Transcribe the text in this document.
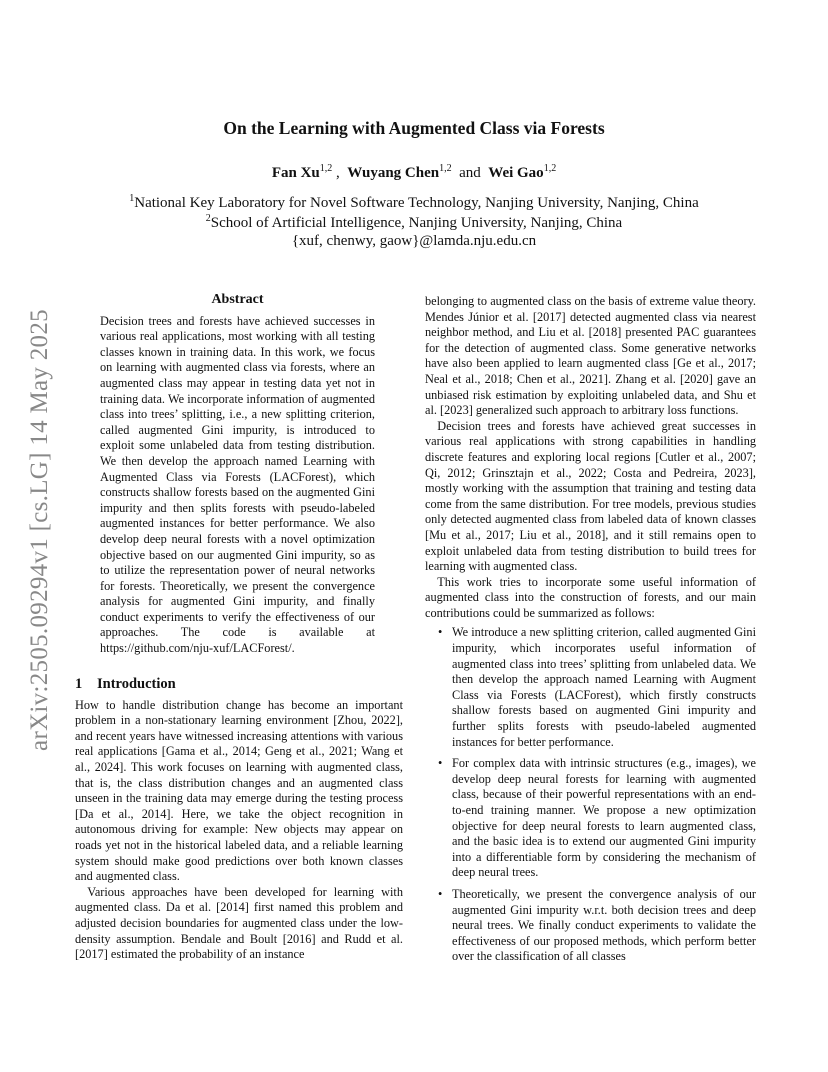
arXiv:2505.09294v1 [cs.LG] 14 May 2025
On the Learning with Augmented Class via Forests
Fan Xu$^{1,2}$ ,  Wuyang Chen$^{1,2}$ and Wei Gao$^{1,2}$
$^1$National Key Laboratory for Novel Software Technology, Nanjing University, Nanjing, China
$^2$School of Artificial Intelligence, Nanjing University, Nanjing, China
{xuf, chenwy, gaow}@lamda.nju.edu.cn
Abstract

Decision trees and forests have achieved successes in various real applications, most working with all testing classes known in training data. In this work, we focus on learning with augmented class via forests, where an augmented class may appear in testing data yet not in training data. We incorporate information of augmented class into trees’ splitting, i.e., a new splitting criterion, called augmented Gini impurity, is introduced to exploit some unlabeled data from testing distribution. We then develop the approach named Learning with Augmented Class via Forests (LACForest), which constructs shallow forests based on the augmented Gini impurity and then splits forests with pseudo-labeled augmented instances for better performance. We also develop deep neural forests with a novel optimization objective based on our augmented Gini impurity, so as to utilize the representation power of neural networks for forests. Theoretically, we present the convergence analysis for augmented Gini impurity, and finally conduct experiments to verify the effectiveness of our approaches. The code is available at https://github.com/nju-xuf/LACForest/.

1 Introduction

How to handle distribution change has become an important problem in a non-stationary learning environment [Zhou, 2022], and recent years have witnessed increasing attentions with various real applications [Gama et al., 2014; Geng et al., 2021; Wang et al., 2024]. This work focuses on learning with augmented class, that is, the class distribution changes and an augmented class unseen in the training data may emerge during the testing process [Da et al., 2014]. Here, we take the object recognition in autonomous driving for example: New objects may appear on roads yet not in the historical labeled data, and a reliable learning system should make good predictions over both known classes and augmented class.

Various approaches have been developed for learning with augmented class. Da et al. [2014] first named this problem and adjusted decision boundaries for augmented class under the low-density assumption. Bendale and Boult [2016] and Rudd et al. [2017] estimated the probability of an instance

belonging to augmented class on the basis of extreme value theory. Mendes Júnior et al. [2017] detected augmented class via nearest neighbor method, and Liu et al. [2018] presented PAC guarantees for the detection of augmented class. Some generative networks have also been applied to learn augmented class [Ge et al., 2017; Neal et al., 2018; Chen et al., 2021]. Zhang et al. [2020] gave an unbiased risk estimation by exploiting unlabeled data, and Shu et al. [2023] generalized such approach to arbitrary loss functions.

Decision trees and forests have achieved great successes in various real applications with strong capabilities in handling discrete features and exploring local regions [Cutler et al., 2007; Qi, 2012; Grinsztajn et al., 2022; Costa and Pedreira, 2023], mostly working with the assumption that training and testing data come from the same distribution. For tree models, previous studies only detected augmented class from labeled data of known classes [Mu et al., 2017; Liu et al., 2018], and it still remains open to exploit unlabeled data from testing distribution to build trees for learning with augmented class.

This work tries to incorporate some useful information of augmented class into the construction of forests, and our main contributions could be summarized as follows:

• We introduce a new splitting criterion, called augmented Gini impurity, which incorporates useful information of augmented class into trees’ splitting from unlabeled data. We then develop the approach named Learning with Augment Class via Forests (LACForest), which firstly constructs shallow forests based on augmented Gini impurity and further splits forests with pseudo-labeled augmented instances for better performance.
• For complex data with intrinsic structures (e.g., images), we develop deep neural forests for learning with augmented class, because of their powerful representations with an end-to-end training manner. We propose a new optimization objective for deep neural forests to learn augmented class, and the basic idea is to extend our augmented Gini impurity into a differentiable form by considering the mechanism of deep neural trees.
• Theoretically, we present the convergence analysis of our augmented Gini impurity w.r.t. both decision trees and deep neural trees. We finally conduct experiments to validate the effectiveness of our proposed methods, which perform better over the classification of all classes
